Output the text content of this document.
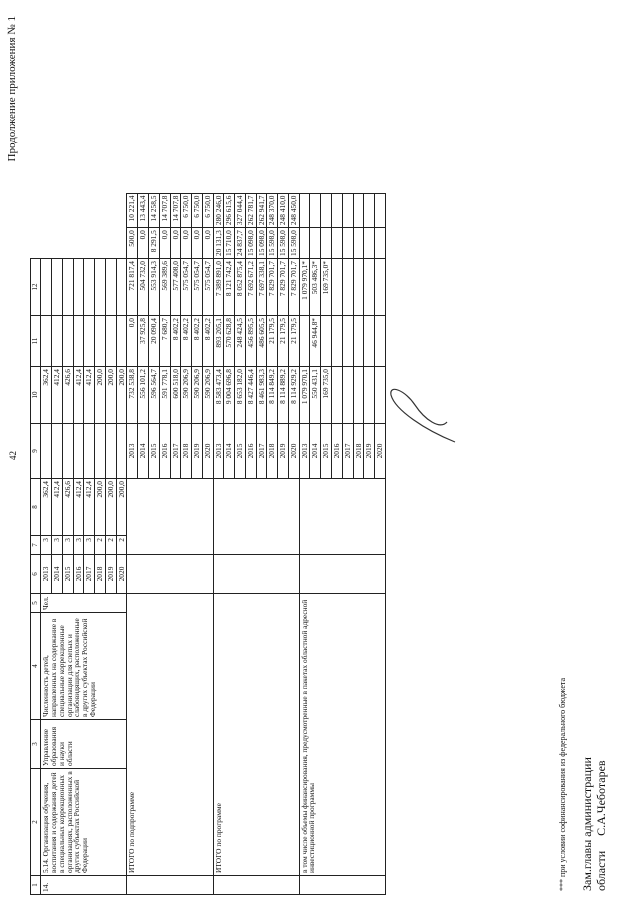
Продолжение приложения № 1
42
1	2	3	4	5	6	7	8	9	10	11	12		
14.	5.14. Организация обучения, воспитания и содержания детей в специальных коррекционных организациях, расположенных в других субъектах Российской Федерации	Управление образования и науки области	Численность детей, направленных на содержание в специальные коррекционные организации для слепых и слабовидящих, расположенные в других субъектах Российской Федерации	Чел.	2013	3	362,4		362,4				
					2014	3	412,4		412,4				
					2015	3	426,6		426,6				
					2016	3	412,4		412,4				
					2017	3	412,4		412,4				
					2018	2	200,0		200,0				
					2019	2	200,0		200,0				
					2020	2	200,0		200,0				
	ИТОГО по подпрограмме							2013	732 538,8	0,0	721 817,4	500,0	10 221,4
								2014	556 101,2	37 925,8	504 732,0	0,0	13 443,4
								2015	596 564,7	20 090,4	553 914,3	8 291,5	14 258,5
								2016	591 778,1	7 680,7	569 389,6	0,0	14 707,8
								2017	600 518,0	8 402,2	577 408,0	0,0	14 707,8
								2018	590 206,9	8 402,2	575 054,7	0,0	6 750,0
								2019	590 206,9	8 402,2	575 054,7	0,0	6 750,0
								2020	590 206,9	8 402,2	575 054,7	0,0	6 750,0
	ИТОГО по программе							2013	8 583 473,4	893 205,1	7 389 891,0	20 131,3	280 246,0
								2014	9 004 696,8	570 628,8	8 121 742,4	15 710,0	296 615,6
								2015	8 653 182,0	248 424,5	8 052 875,4	24 837,7	327 044,4
								2016	8 427 446,4	456 895,5	7 692 671,2	15 098,0	262 781,7
								2017	8 461 983,3	486 605,5	7 697 338,1	15 098,0	262 941,7
								2018	8 114 849,2	21 179,5	7 829 701,7	15 598,0	248 370,0
								2019	8 114 889,2	21 179,5	7 829 701,7	15 598,0	248 410,0
								2020	8 114 929,2	21 179,5	7 829 701,7	15 598,0	248 450,0
	в том числе объемы финансирования, предусмотренные в пакетах областной адресной инвестиционной программы							2013	1 079 970,1		1 079 970,1*		
								2014	550 431,1	46 944,8*	503 486,3*		
								2015	169 735,0		169 735,0*		
								2016					
								2017					
								2018					
								2019					
								2020					
*** при условии софинансирования из федерального бюджета Зам.главы администрации области     С.А.Чеботарев
